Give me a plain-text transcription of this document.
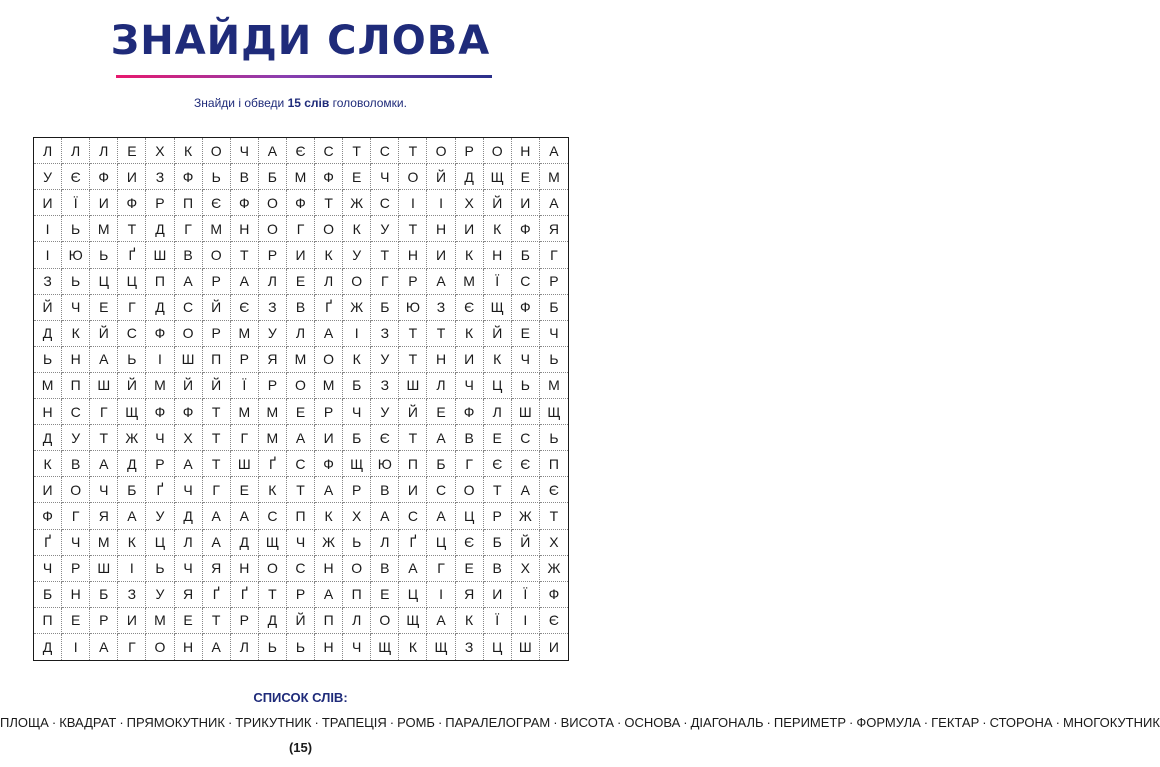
ЗНАЙДИ СЛОВА
Знайди і обведи 15 слів головоломки.
Л	Л	Л	Е	Х	К	О	Ч	А	Є	С	Т	С	Т	О	Р	О	Н	А
У	Є	Ф	И	З	Ф	Ь	В	Б	М	Ф	Е	Ч	О	Й	Д	Щ	Е	М
И	Ї	И	Ф	Р	П	Є	Ф	О	Ф	Т	Ж	С	І	І	Х	Й	И	А
І	Ь	М	Т	Д	Г	М	Н	О	Г	О	К	У	Т	Н	И	К	Ф	Я
І	Ю	Ь	Ґ	Ш	В	О	Т	Р	И	К	У	Т	Н	И	К	Н	Б	Г
З	Ь	Ц	Ц	П	А	Р	А	Л	Е	Л	О	Г	Р	А	М	Ї	С	Р
Й	Ч	Е	Г	Д	С	Й	Є	З	В	Ґ	Ж	Б	Ю	З	Є	Щ	Ф	Б
Д	К	Й	С	Ф	О	Р	М	У	Л	А	І	З	Т	Т	К	Й	Е	Ч
Ь	Н	А	Ь	І	Ш	П	Р	Я	М	О	К	У	Т	Н	И	К	Ч	Ь
М	П	Ш	Й	М	Й	Й	Ї	Р	О	М	Б	З	Ш	Л	Ч	Ц	Ь	М
Н	С	Г	Щ	Ф	Ф	Т	М	М	Е	Р	Ч	У	Й	Е	Ф	Л	Ш	Щ
Д	У	Т	Ж	Ч	Х	Т	Г	М	А	И	Б	Є	Т	А	В	Е	С	Ь
К	В	А	Д	Р	А	Т	Ш	Ґ	С	Ф	Щ	Ю	П	Б	Г	Є	Є	П
И	О	Ч	Б	Ґ	Ч	Г	Е	К	Т	А	Р	В	И	С	О	Т	А	Є
Ф	Г	Я	А	У	Д	А	А	С	П	К	Х	А	С	А	Ц	Р	Ж	Т
Ґ	Ч	М	К	Ц	Л	А	Д	Щ	Ч	Ж	Ь	Л	Ґ	Ц	Є	Б	Й	Х
Ч	Р	Ш	І	Ь	Ч	Я	Н	О	С	Н	О	В	А	Г	Е	В	Х	Ж
Б	Н	Б	З	У	Я	Ґ	Ґ	Т	Р	А	П	Е	Ц	І	Я	И	Ї	Ф
П	Е	Р	И	М	Е	Т	Р	Д	Й	П	Л	О	Щ	А	К	Ї	І	Є
Д	І	А	Г	О	Н	А	Л	Ь	Ь	Н	Ч	Щ	К	Щ	З	Ц	Ш	И
СПИСОК СЛІВ: ПЛОЩА · КВАДРАТ · ПРЯМОКУТНИК · ТРИКУТНИК · ТРАПЕЦІЯ · РОМБ · ПАРАЛЕЛОГРАМ · ВИСОТА · ОСНОВА · ДІАГОНАЛЬ · ПЕРИМЕТР · ФОРМУЛА · ГЕКТАР · СТОРОНА · МНОГОКУТНИК (15)
